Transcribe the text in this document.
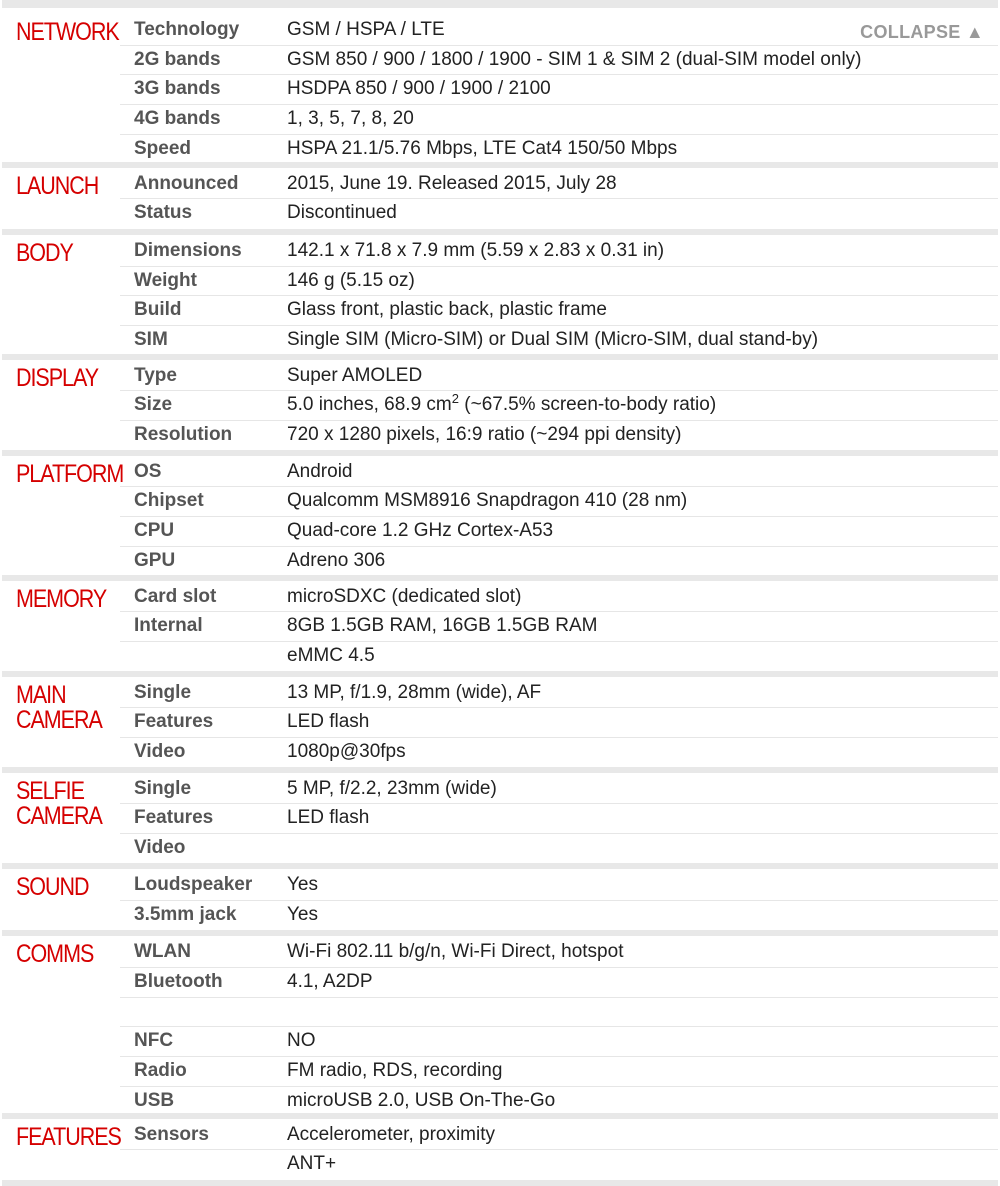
COLLAPSE ▲
NETWORK	Technology	GSM / HSPA / LTE
	2G bands	GSM 850 / 900 / 1800 / 1900 - SIM 1 & SIM 2 (dual-SIM model only)
	3G bands	HSDPA 850 / 900 / 1900 / 2100
	4G bands	1, 3, 5, 7, 8, 20
	Speed	HSPA 21.1/5.76 Mbps, LTE Cat4 150/50 Mbps
LAUNCH	Announced	2015, June 19. Released 2015, July 28
	Status	Discontinued
BODY	Dimensions	142.1 x 71.8 x 7.9 mm (5.59 x 2.83 x 0.31 in)
	Weight	146 g (5.15 oz)
	Build	Glass front, plastic back, plastic frame
	SIM	Single SIM (Micro-SIM) or Dual SIM (Micro-SIM, dual stand-by)
DISPLAY	Type	Super AMOLED
	Size	5.0 inches, 68.9 $cm^2$ (~67.5% screen-to-body ratio)
	Resolution	720 x 1280 pixels, 16:9 ratio (~294 ppi density)
PLATFORM	OS	Android
	Chipset	Qualcomm MSM8916 Snapdragon 410 (28 nm)
	CPU	Quad-core 1.2 GHz Cortex-A53
	GPU	Adreno 306
MEMORY	Card slot	microSDXC (dedicated slot)
	Internal	8GB 1.5GB RAM, 16GB 1.5GB RAM
		eMMC 4.5
MAIN
CAMERA	Single	13 MP, f/1.9, 28mm (wide), AF
	Features	LED flash
	Video	1080p@30fps
SELFIE
CAMERA	Single	5 MP, f/2.2, 23mm (wide)
	Features	LED flash
	Video	
SOUND	Loudspeaker	Yes
	3.5mm jack	Yes
COMMS	WLAN	Wi-Fi 802.11 b/g/n, Wi-Fi Direct, hotspot
	Bluetooth	4.1, A2DP

	NFC	NO
	Radio	FM radio, RDS, recording
	USB	microUSB 2.0, USB On-The-Go
FEATURES	Sensors	Accelerometer, proximity
		ANT+
